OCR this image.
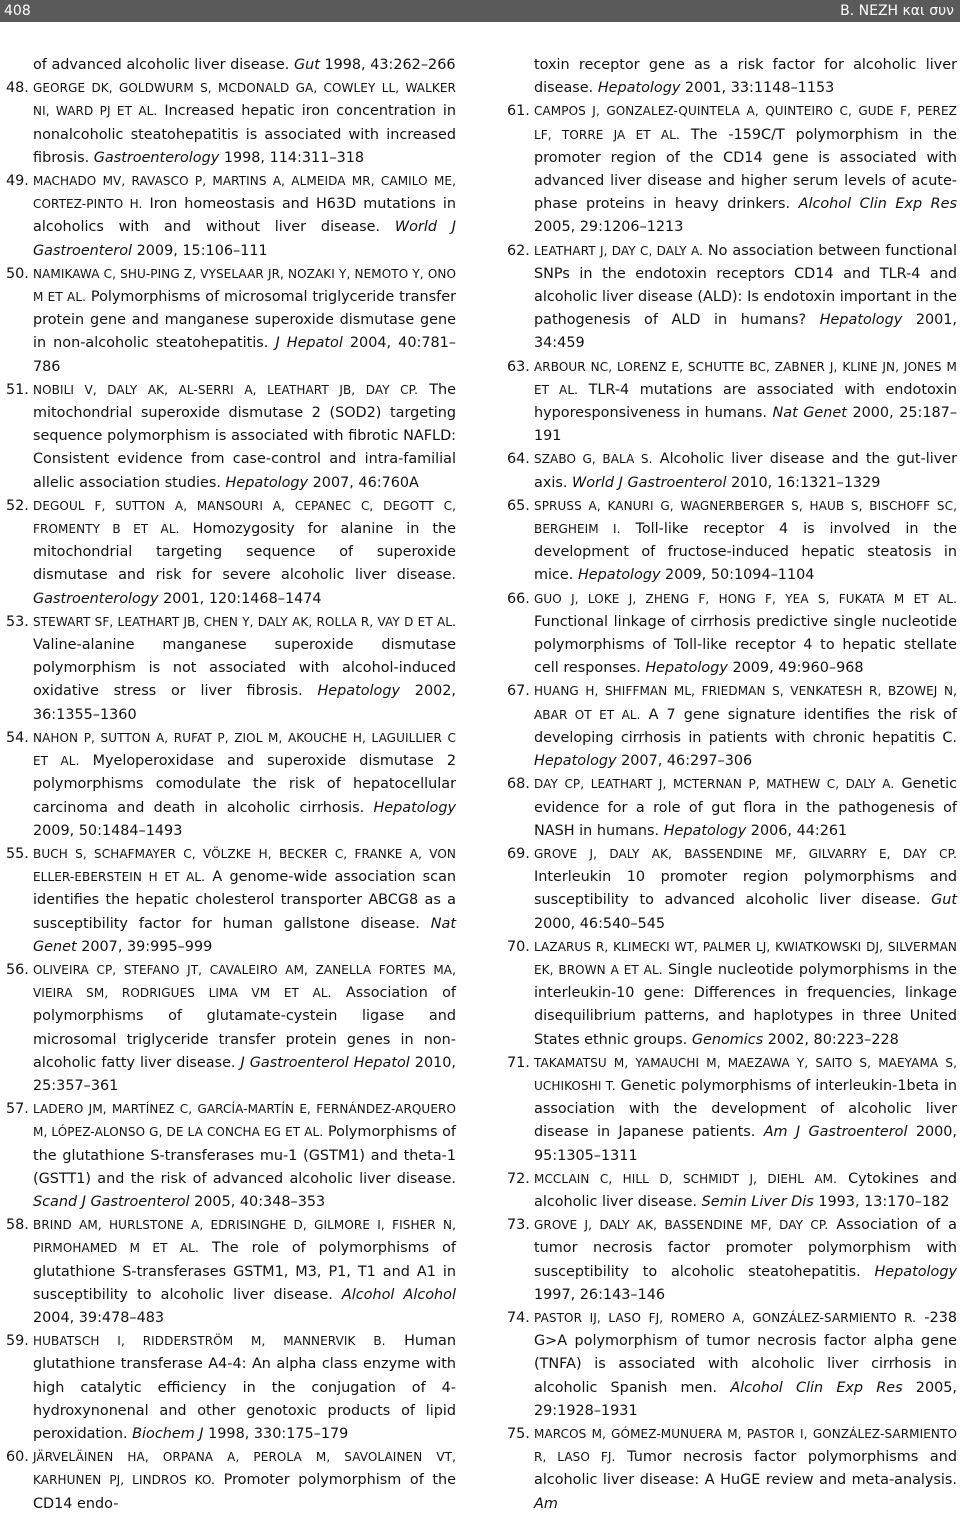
408	B. NEZH και συν

of advanced alcoholic liver disease. Gut 1998, 43:262–266

48. GEORGЕ DK, GOLDWURM S, MCDONALD GA, COWLEY LL, WALKER NI, WARD PJ ET AL. Increased hepatic iron concentration in nonalcoholic steatohepatitis is associated with increased fibrosis. Gastroenterology 1998, 114:311–318

49. MACHADO MV, RAVASCO P, MARTINS A, ALMEIDA MR, CAMILO ME, CORTEZ-PINTO H. Iron homeostasis and H63D mutations in alcoholics with and without liver disease. World J Gastroenterol 2009, 15:106–111

50. NAMIKAWA C, SHU-PING Z, VYSELAAR JR, NOZAKI Y, NEMOTO Y, ONO M ET AL. Polymorphisms of microsomal triglyceride transfer protein gene and manganese superoxide dismutase gene in non-alcoholic steatohepatitis. J Hepatol 2004, 40:781–786

51. NOBILI V, DALY AK, AL-SERRI A, LEATHART JB, DAY CP. The mitochondrial superoxide dismutase 2 (SOD2) targeting sequence polymorphism is associated with fibrotic NAFLD: Consistent evidence from case-control and intra-familial allelic association studies. Hepatology 2007, 46:760A

52. DEGOUL F, SUTTON A, MANSOURI A, CEPANEC C, DEGOTT C, FROMENTY B ET AL. Homozygosity for alanine in the mitochondrial targeting sequence of superoxide dismutase and risk for severe alcoholic liver disease. Gastroenterology 2001, 120:1468–1474

53. STEWART SF, LEATHART JB, CHEN Y, DALY AK, ROLLA R, VAY D ET AL. Valine-alanine manganese superoxide dismutase polymorphism is not associated with alcohol-induced oxidative stress or liver fibrosis. Hepatology 2002, 36:1355–1360

54. NAHON P, SUTTON A, RUFAT P, ZIOL M, AKOUCHE H, LAGUILLIER C ET AL. Myeloperoxidase and superoxide dismutase 2 polymorphisms comodulate the risk of hepatocellular carcinoma and death in alcoholic cirrhosis. Hepatology 2009, 50:1484–1493

55. BUCH S, SCHAFMAYER C, VÖLZKE H, BECKER C, FRANKE A, VON ELLER-EBERSTEIN H ET AL. A genome-wide association scan identifies the hepatic cholesterol transporter ABCG8 as a susceptibility factor for human gallstone disease. Nat Genet 2007, 39:995–999

56. OLIVEIRA CP, STEFANO JT, CAVALEIRO AM, ZANELLA FORTES MA, VIEIRA SM, RODRIGUES LIMA VM ET AL. Association of polymorphisms of glutamate-cystein ligase and microsomal triglyceride transfer protein genes in non-alcoholic fatty liver disease. J Gastroenterol Hepatol 2010, 25:357–361

57. LADERO JM, MARTÍNEZ C, GARCÍA-MARTÍN E, FERNÁNDEZ-ARQUERO M, LÓPEZ-ALONSO G, DE LA CONCHA EG ET AL. Polymorphisms of the glutathione S-transferases mu-1 (GSTM1) and theta-1 (GSTT1) and the risk of advanced alcoholic liver disease. Scand J Gastroenterol 2005, 40:348–353

58. BRIND AM, HURLSTONE A, EDRISINGHE D, GILMORE I, FISHER N, PIRMOHAMED M ET AL. The role of polymorphisms of glutathione S-transferases GSTM1, M3, P1, T1 and A1 in susceptibility to alcoholic liver disease. Alcohol Alcohol 2004, 39:478–483

59. HUBATSCH I, RIDDERSTRÖM M, MANNERVIK B. Human glutathione transferase A4-4: An alpha class enzyme with high catalytic efficiency in the conjugation of 4-hydroxynonenal and other genotoxic products of lipid peroxidation. Biochem J 1998, 330:175–179

60. JÄRVELÄINEN HA, ORPANA A, PEROLA M, SAVOLAINEN VT, KARHUNEN PJ, LINDROS KO. Promoter polymorphism of the CD14 endo-

toxin receptor gene as a risk factor for alcoholic liver disease. Hepatology 2001, 33:1148–1153

61. CAMPOS J, GONZALEZ-QUINTELA A, QUINTEIRO C, GUDE F, PEREZ LF, TORRE JA ET AL. The -159C/T polymorphism in the promoter region of the CD14 gene is associated with advanced liver disease and higher serum levels of acute-phase proteins in heavy drinkers. Alcohol Clin Exp Res 2005, 29:1206–1213

62. LEATHART J, DAY C, DALY A. No association between functional SNPs in the endotoxin receptors CD14 and TLR-4 and alcoholic liver disease (ALD): Is endotoxin important in the pathogenesis of ALD in humans? Hepatology 2001, 34:459

63. ARBOUR NC, LORENZ E, SCHUTTE BC, ZABNER J, KLINE JN, JONES M ET AL. TLR-4 mutations are associated with endotoxin hyporesponsiveness in humans. Nat Genet 2000, 25:187–191

64. SZABO G, BALA S. Alcoholic liver disease and the gut-liver axis. World J Gastroenterol 2010, 16:1321–1329

65. SPRUSS A, KANURI G, WAGNERBERGER S, HAUB S, BISCHOFF SC, BERGHEIM I. Toll-like receptor 4 is involved in the development of fructose-induced hepatic steatosis in mice. Hepatology 2009, 50:1094–1104

66. GUO J, LOKE J, ZHENG F, HONG F, YEA S, FUKATA M ET AL. Functional linkage of cirrhosis predictive single nucleotide polymorphisms of Toll-like receptor 4 to hepatic stellate cell responses. Hepatology 2009, 49:960–968

67. HUANG H, SHIFFMAN ML, FRIEDMAN S, VENKATESH R, BZOWEJ N, ABAR OT ET AL. A 7 gene signature identifies the risk of developing cirrhosis in patients with chronic hepatitis C. Hepatology 2007, 46:297–306

68. DAY CP, LEATHART J, MCTERNAN P, MATHEW C, DALY A. Genetic evidence for a role of gut flora in the pathogenesis of NASH in humans. Hepatology 2006, 44:261

69. GROVE J, DALY AK, BASSENDINE MF, GILVARRY E, DAY CP. Interleukin 10 promoter region polymorphisms and susceptibility to advanced alcoholic liver disease. Gut 2000, 46:540–545

70. LAZARUS R, KLIMECKI WT, PALMER LJ, KWIATKOWSKI DJ, SILVERMAN EK, BROWN A ET AL. Single nucleotide polymorphisms in the interleukin-10 gene: Differences in frequencies, linkage disequilibrium patterns, and haplotypes in three United States ethnic groups. Genomics 2002, 80:223–228

71. TAKAMATSU M, YAMAUCHI M, MAEZAWA Y, SAITO S, MAEYAMA S, UCHIKOSHI T. Genetic polymorphisms of interleukin-1beta in association with the development of alcoholic liver disease in Japanese patients. Am J Gastroenterol 2000, 95:1305–1311

72. MCCLAIN C, HILL D, SCHMIDT J, DIEHL AM. Cytokines and alcoholic liver disease. Semin Liver Dis 1993, 13:170–182

73. GROVE J, DALY AK, BASSENDINE MF, DAY CP. Association of a tumor necrosis factor promoter polymorphism with susceptibility to alcoholic steatohepatitis. Hepatology 1997, 26:143–146

74. PASTOR IJ, LASO FJ, ROMERO A, GONZÁLEZ-SARMIENTO R. -238 G>A polymorphism of tumor necrosis factor alpha gene (TNFA) is associated with alcoholic liver cirrhosis in alcoholic Spanish men. Alcohol Clin Exp Res 2005, 29:1928–1931

75. MARCOS M, GÓMEZ-MUNUERA M, PASTOR I, GONZÁLEZ-SARMIENTO R, LASO FJ. Tumor necrosis factor polymorphisms and alcoholic liver disease: A HuGE review and meta-analysis. Am
